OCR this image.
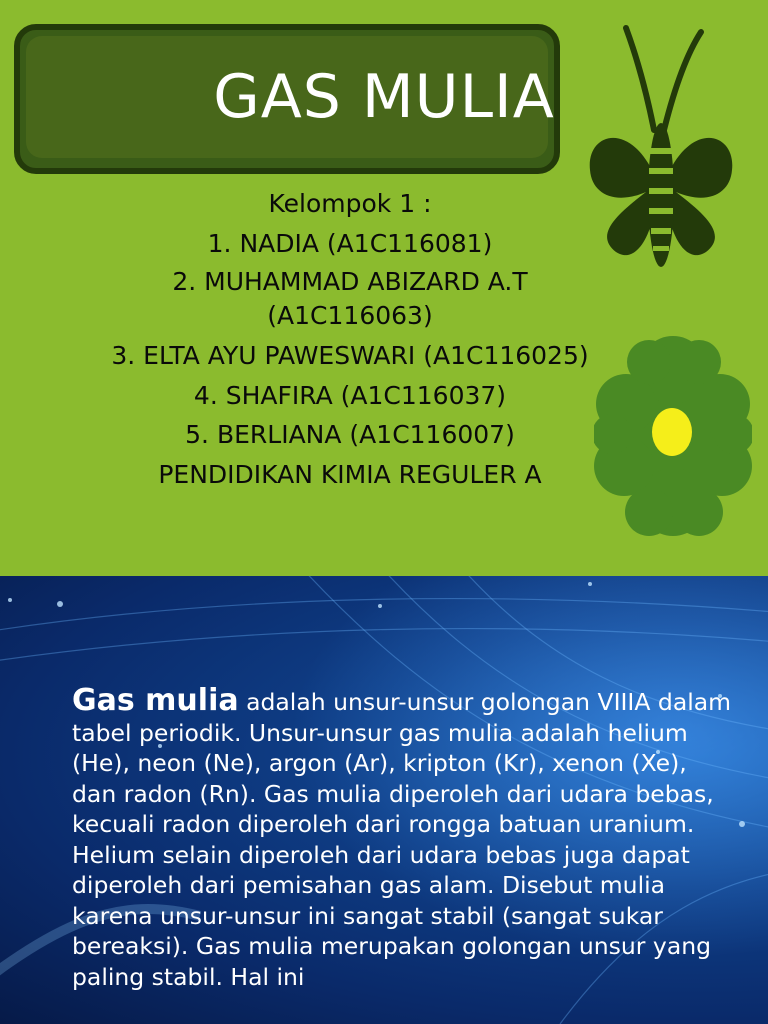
GAS MULIA
Kelompok 1 :
1. NADIA (A1C116081)
2. MUHAMMAD ABIZARD A.T
(A1C116063)
3. ELTA AYU PAWESWARI (A1C116025)
4. SHAFIRA (A1C116037)
5. BERLIANA (A1C116007)
PENDIDIKAN KIMIA REGULER A
Gas mulia adalah unsur-unsur golongan VIIIA dalam tabel periodik. Unsur-unsur gas mulia adalah helium (He), neon (Ne), argon (Ar), kripton (Kr), xenon (Xe), dan radon (Rn). Gas mulia diperoleh dari udara bebas, kecuali radon diperoleh dari rongga batuan uranium. Helium selain diperoleh dari udara bebas juga dapat diperoleh dari pemisahan gas alam. Disebut mulia karena unsur-unsur ini sangat stabil (sangat sukar bereaksi). Gas mulia merupakan golongan unsur yang paling stabil. Hal ini
